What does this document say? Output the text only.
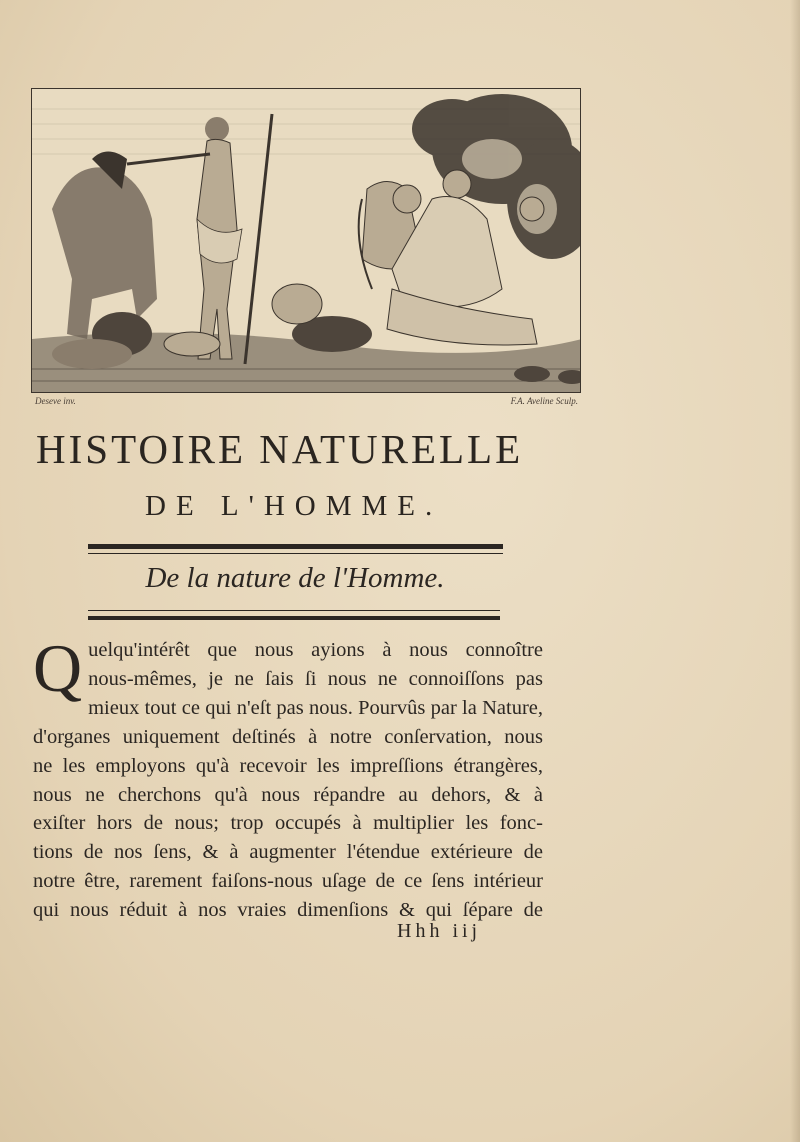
Deseve inv.	F.A. Aveline Sculp.
HISTOIRE NATURELLE
DE L'HOMME.
De la nature de l'Homme.
Q uelqu'intérêt que nous ayions à nous connoître
nous-mêmes, je ne ſais ſi nous ne connoiſſons pas
mieux tout ce qui n'eſt pas nous. Pourvûs par la Nature,
d'organes uniquement deſtinés à notre conſervation, nous
ne les employons qu'à recevoir les impreſſions étrangères,
nous ne cherchons qu'à nous répandre au dehors, & à
exiſter hors de nous; trop occupés à multiplier les fonc-
tions de nos ſens, & à augmenter l'étendue extérieure de
notre être, rarement faiſons-nous uſage de ce ſens intérieur
qui nous réduit à nos vraies dimenſions & qui ſépare de
Hhh iij
